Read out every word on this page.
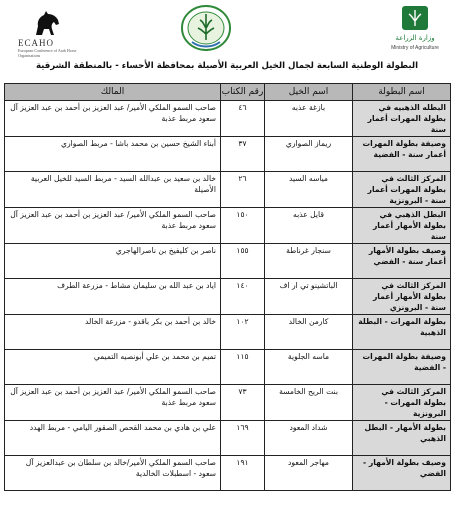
ECAHO
European Conference of Arab Horse Organisations
وزارة الزراعة
Ministry of Agriculture
البطولة الوطنية السابعة لجمال الخيل العربية الأصيلة بمحافظة الأحساء - بالمنطقة الشرقية
اسم البطولة	اسم الخيل	رقم الكتاب	المالك
البطله الذهبيه في بطولة المهرات أعمار سنة	بازغة عذبه	٤٦	صاحب السمو الملكي الأمير/ عبد العزيز بن أحمد بن عبد العزيز آل سعود مربط عذبة
وصيفة بطولة المهرات أعمار سنة - الفضية	ريماز الصواري	٣٧	أبناء الشيخ حسين بن محمد باشا - مربط الصواري
المركز الثالث في بطولة المهرات أعمار سنة - البرونزية	مياسه السيد	٢٦	خالد بن سعيد بن عبدالله السيد - مربط السيد للخيل العربية الأصيلة
البطل الذهبي في بطولة الأمهار أعمار سنة	قايل عذبه	١٥٠	صاحب السمو الملكي الأمير/ عبد العزيز بن أحمد بن عبد العزيز آل سعود مربط عذبة
وصيف بطولة الأمهار أعمار سنة - الفضي	سنجار غرناطة	١٥٥	ناصر بن كليفيخ بن ناصرالهاجري
المركز الثالث في بطولة الأمهار أعمار سنة - البرونزي	الباتشينو تي ار اف	١٤٠	اياد بن عبد الله بن سليمان مشاط - مزرعة الطرف
بطولة المهرات - البطلة الذهبية	كارمن الخالد	١٠٢	خالد بن أحمد بن بكر باقدو - مزرعة الخالد
وصيفة بطولة المهرات - الفضية	ماسه الجلوية	١١٥	تميم بن محمد بن علي أبونصيه التميمي
المركز الثالث في بطولة المهرات - البرونزية	بنت الريح الخامسة	٧٣	صاحب السمو الملكي الأمير/ عبد العزيز بن أحمد بن عبد العزيز آل سعود مربط عذبة
بطولة الأمهار - البطل الذهبي	شداد المعود	١٦٩	علي بن هادي بن محمد القحص الصقور اليامي - مربط الهدد
وصيف بطولة الأمهار - الفضي	مهاجر المعود	١٩١	صاحب السمو الملكي الأمير/خالد بن سلطان بن عبدالعزيز آل سعود - اسطبلات الخالدية
